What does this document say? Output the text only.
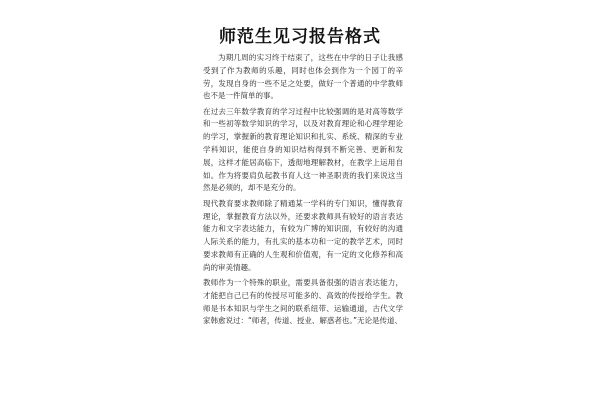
师范生见习报告格式

为期几周的实习终于结束了，这些在中学的日子让我感受到了作为教师的乐趣，同时也体会到作为一个园丁的辛劳，发现自身的一些不足之处要，做好一个普通的中学教师也不是一件简单的事。

在过去三年数学教育的学习过程中比较强调的是对高等数学和一些初等数学知识的学习，以及对教育理论和心理学理论的学习，掌握新的教育理论知识和扎实、系统、精深的专业学科知识，能使自身的知识结构得到不断完善、更新和发展，这样才能居高临下，透彻地理解教材，在教学上运用自如。作为将要肩负起教书育人这一神圣职责的我们来说这当然是必须的，却不是充分的。

现代教育要求教师除了精通某一学科的专门知识，懂得教育理论，掌握教育方法以外，还要求教师具有较好的语言表达能力和文字表达能力，有较为广博的知识面，有较好的沟通人际关系的能力，有扎实的基本功和一定的教学艺术，同时要求教师有正确的人生观和价值观，有一定的文化修养和高尚的审美情趣。

教师作为一个特殊的职业，需要具备很强的语言表达能力，才能把自己已有的传授尽可能多的、高效的传授给学生。教师是书本知识与学生之间的联系纽带、运输通道，古代文学家韩愈说过：“师者，传道、授业、解惑者也。”无论是传道、
